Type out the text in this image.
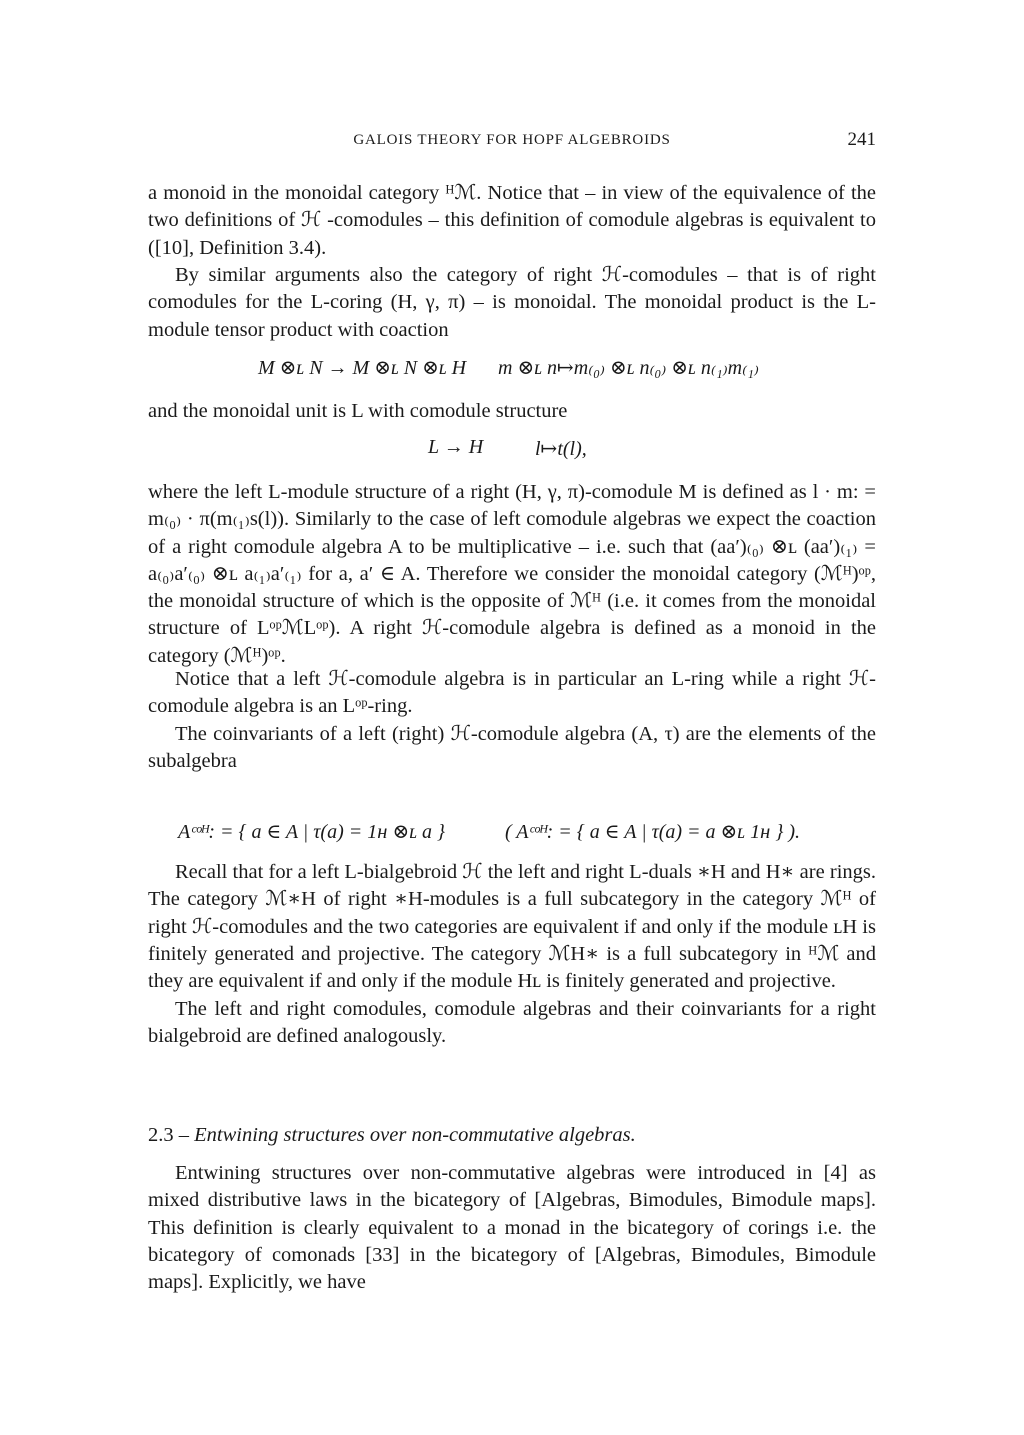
GALOIS THEORY FOR HOPF ALGEBROIDS	241
a monoid in the monoidal category ᴴℳ. Notice that – in view of the equivalence of the two definitions of ℋ -comodules – this definition of comodule algebras is equivalent to ([10], Definition 3.4).
By similar arguments also the category of right ℋ-comodules – that is of right comodules for the L-coring (H, γ, π) – is monoidal. The monoidal product is the L-module tensor product with coaction
M ⊗ʟ N → M ⊗ʟ N ⊗ʟ H m ⊗ʟ n↦m₍₀₎ ⊗ʟ n₍₀₎ ⊗ʟ n₍₁₎m₍₁₎
and the monoidal unit is L with comodule structure
L → H	l↦t(l),
where the left L-module structure of a right (H, γ, π)-comodule M is defined as l · m: = m₍₀₎ · π(m₍₁₎s(l)). Similarly to the case of left comodule algebras we expect the coaction of a right comodule algebra A to be multiplicative – i.e. such that (aa′)₍₀₎ ⊗ʟ (aa′)₍₁₎ = a₍₀₎a′₍₀₎ ⊗ʟ a₍₁₎a′₍₁₎ for a, a′ ∈ A. Therefore we consider the monoidal category (ℳᴴ)ᵒᵖ, the monoidal structure of which is the opposite of ℳᴴ (i.e. it comes from the monoidal structure of LᵒᵖℳLᵒᵖ). A right ℋ-comodule algebra is defined as a monoid in the category (ℳᴴ)ᵒᵖ.
Notice that a left ℋ-comodule algebra is in particular an L-ring while a right ℋ-comodule algebra is an Lᵒᵖ-ring.
The coinvariants of a left (right) ℋ-comodule algebra (A, τ) are the elements of the subalgebra
Aᶜᵒᴴ: = { a ∈ A | τ(a) = 1ʜ ⊗ʟ a }	( Aᶜᵒᴴ: = { a ∈ A | τ(a) = a ⊗ʟ 1ʜ } ).
Recall that for a left L-bialgebroid ℋ the left and right L-duals ∗H and H∗ are rings. The category ℳ∗H of right ∗H-modules is a full subcategory in the category ℳᴴ of right ℋ-comodules and the two categories are equivalent if and only if the module ʟH is finitely generated and projective. The category ℳH∗ is a full subcategory in ᴴℳ and they are equivalent if and only if the module Hʟ is finitely generated and projective.
The left and right comodules, comodule algebras and their coinvariants for a right bialgebroid are defined analogously.
2.3 – Entwining structures over non-commutative algebras.
Entwining structures over non-commutative algebras were introduced in [4] as mixed distributive laws in the bicategory of [Algebras, Bimodules, Bimodule maps]. This definition is clearly equivalent to a monad in the bicategory of corings i.e. the bicategory of comonads [33] in the bicategory of [Algebras, Bimodules, Bimodule maps]. Explicitly, we have
